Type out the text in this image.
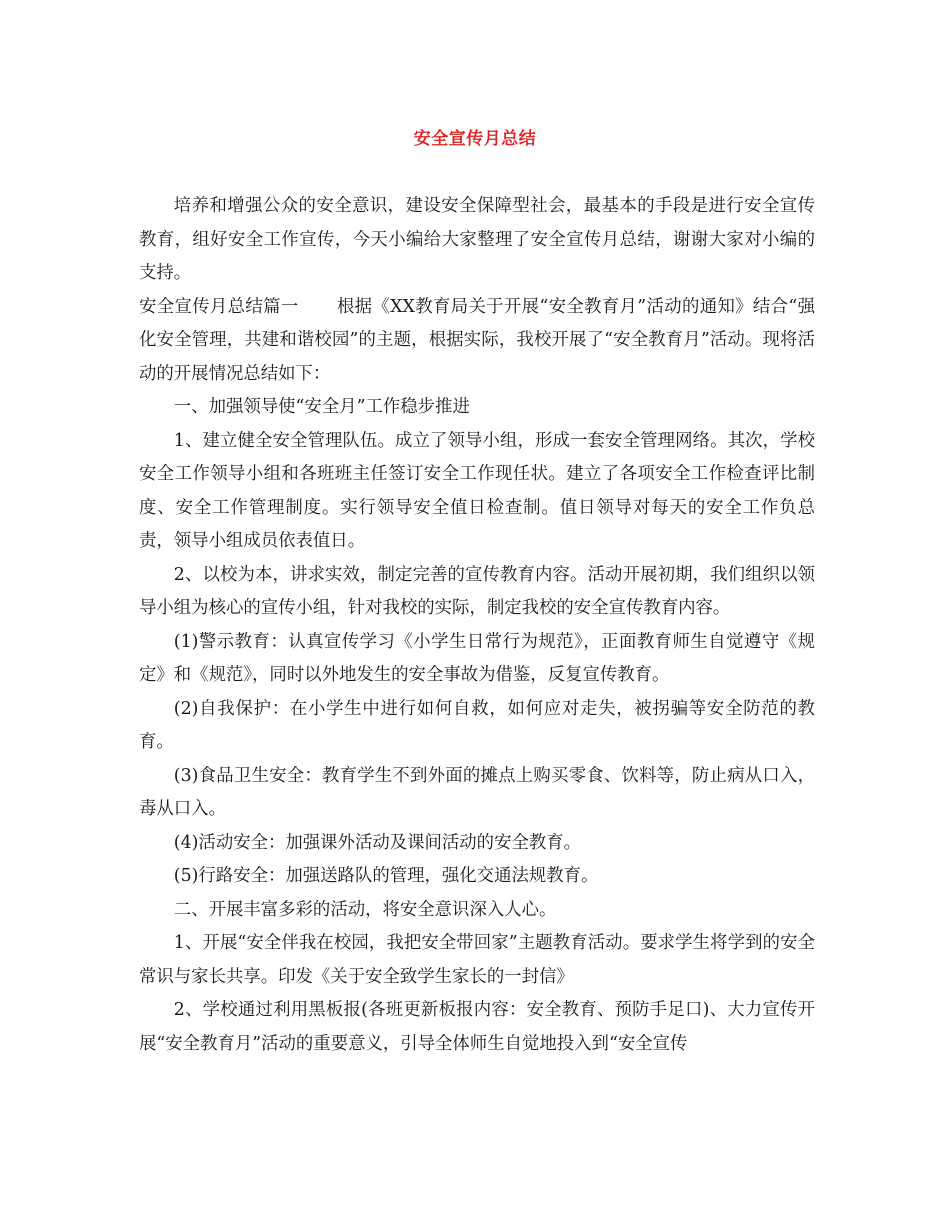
安全宣传月总结

培养和增强公众的安全意识，建设安全保障型社会，最基本的手段是进行安全宣传教育，组好安全工作宣传，今天小编给大家整理了安全宣传月总结，谢谢大家对小编的支持。

安全宣传月总结篇一 根据《XX教育局关于开展“安全教育月”活动的通知》结合“强化安全管理，共建和谐校园”的主题，根据实际，我校开展了“安全教育月”活动。现将活动的开展情况总结如下：

一、加强领导使“安全月”工作稳步推进

1、建立健全安全管理队伍。成立了领导小组，形成一套安全管理网络。其次，学校安全工作领导小组和各班班主任签订安全工作现任状。建立了各项安全工作检查评比制度、安全工作管理制度。实行领导安全值日检查制。值日领导对每天的安全工作负总责，领导小组成员依表值日。

2、以校为本，讲求实效，制定完善的宣传教育内容。活动开展初期，我们组织以领导小组为核心的宣传小组，针对我校的实际，制定我校的安全宣传教育内容。

(1)警示教育：认真宣传学习《小学生日常行为规范》，正面教育师生自觉遵守《规定》和《规范》，同时以外地发生的安全事故为借鉴，反复宣传教育。

(2)自我保护：在小学生中进行如何自救，如何应对走失，被拐骗等安全防范的教育。

(3)食品卫生安全：教育学生不到外面的摊点上购买零食、饮料等，防止病从口入，毒从口入。

(4)活动安全：加强课外活动及课间活动的安全教育。

(5)行路安全：加强送路队的管理，强化交通法规教育。

二、开展丰富多彩的活动，将安全意识深入人心。

1、开展“安全伴我在校园，我把安全带回家”主题教育活动。要求学生将学到的安全常识与家长共享。印发《关于安全致学生家长的一封信》

2、学校通过利用黑板报(各班更新板报内容：安全教育、预防手足口)、大力宣传开展“安全教育月”活动的重要意义，引导全体师生自觉地投入到“安全宣传
